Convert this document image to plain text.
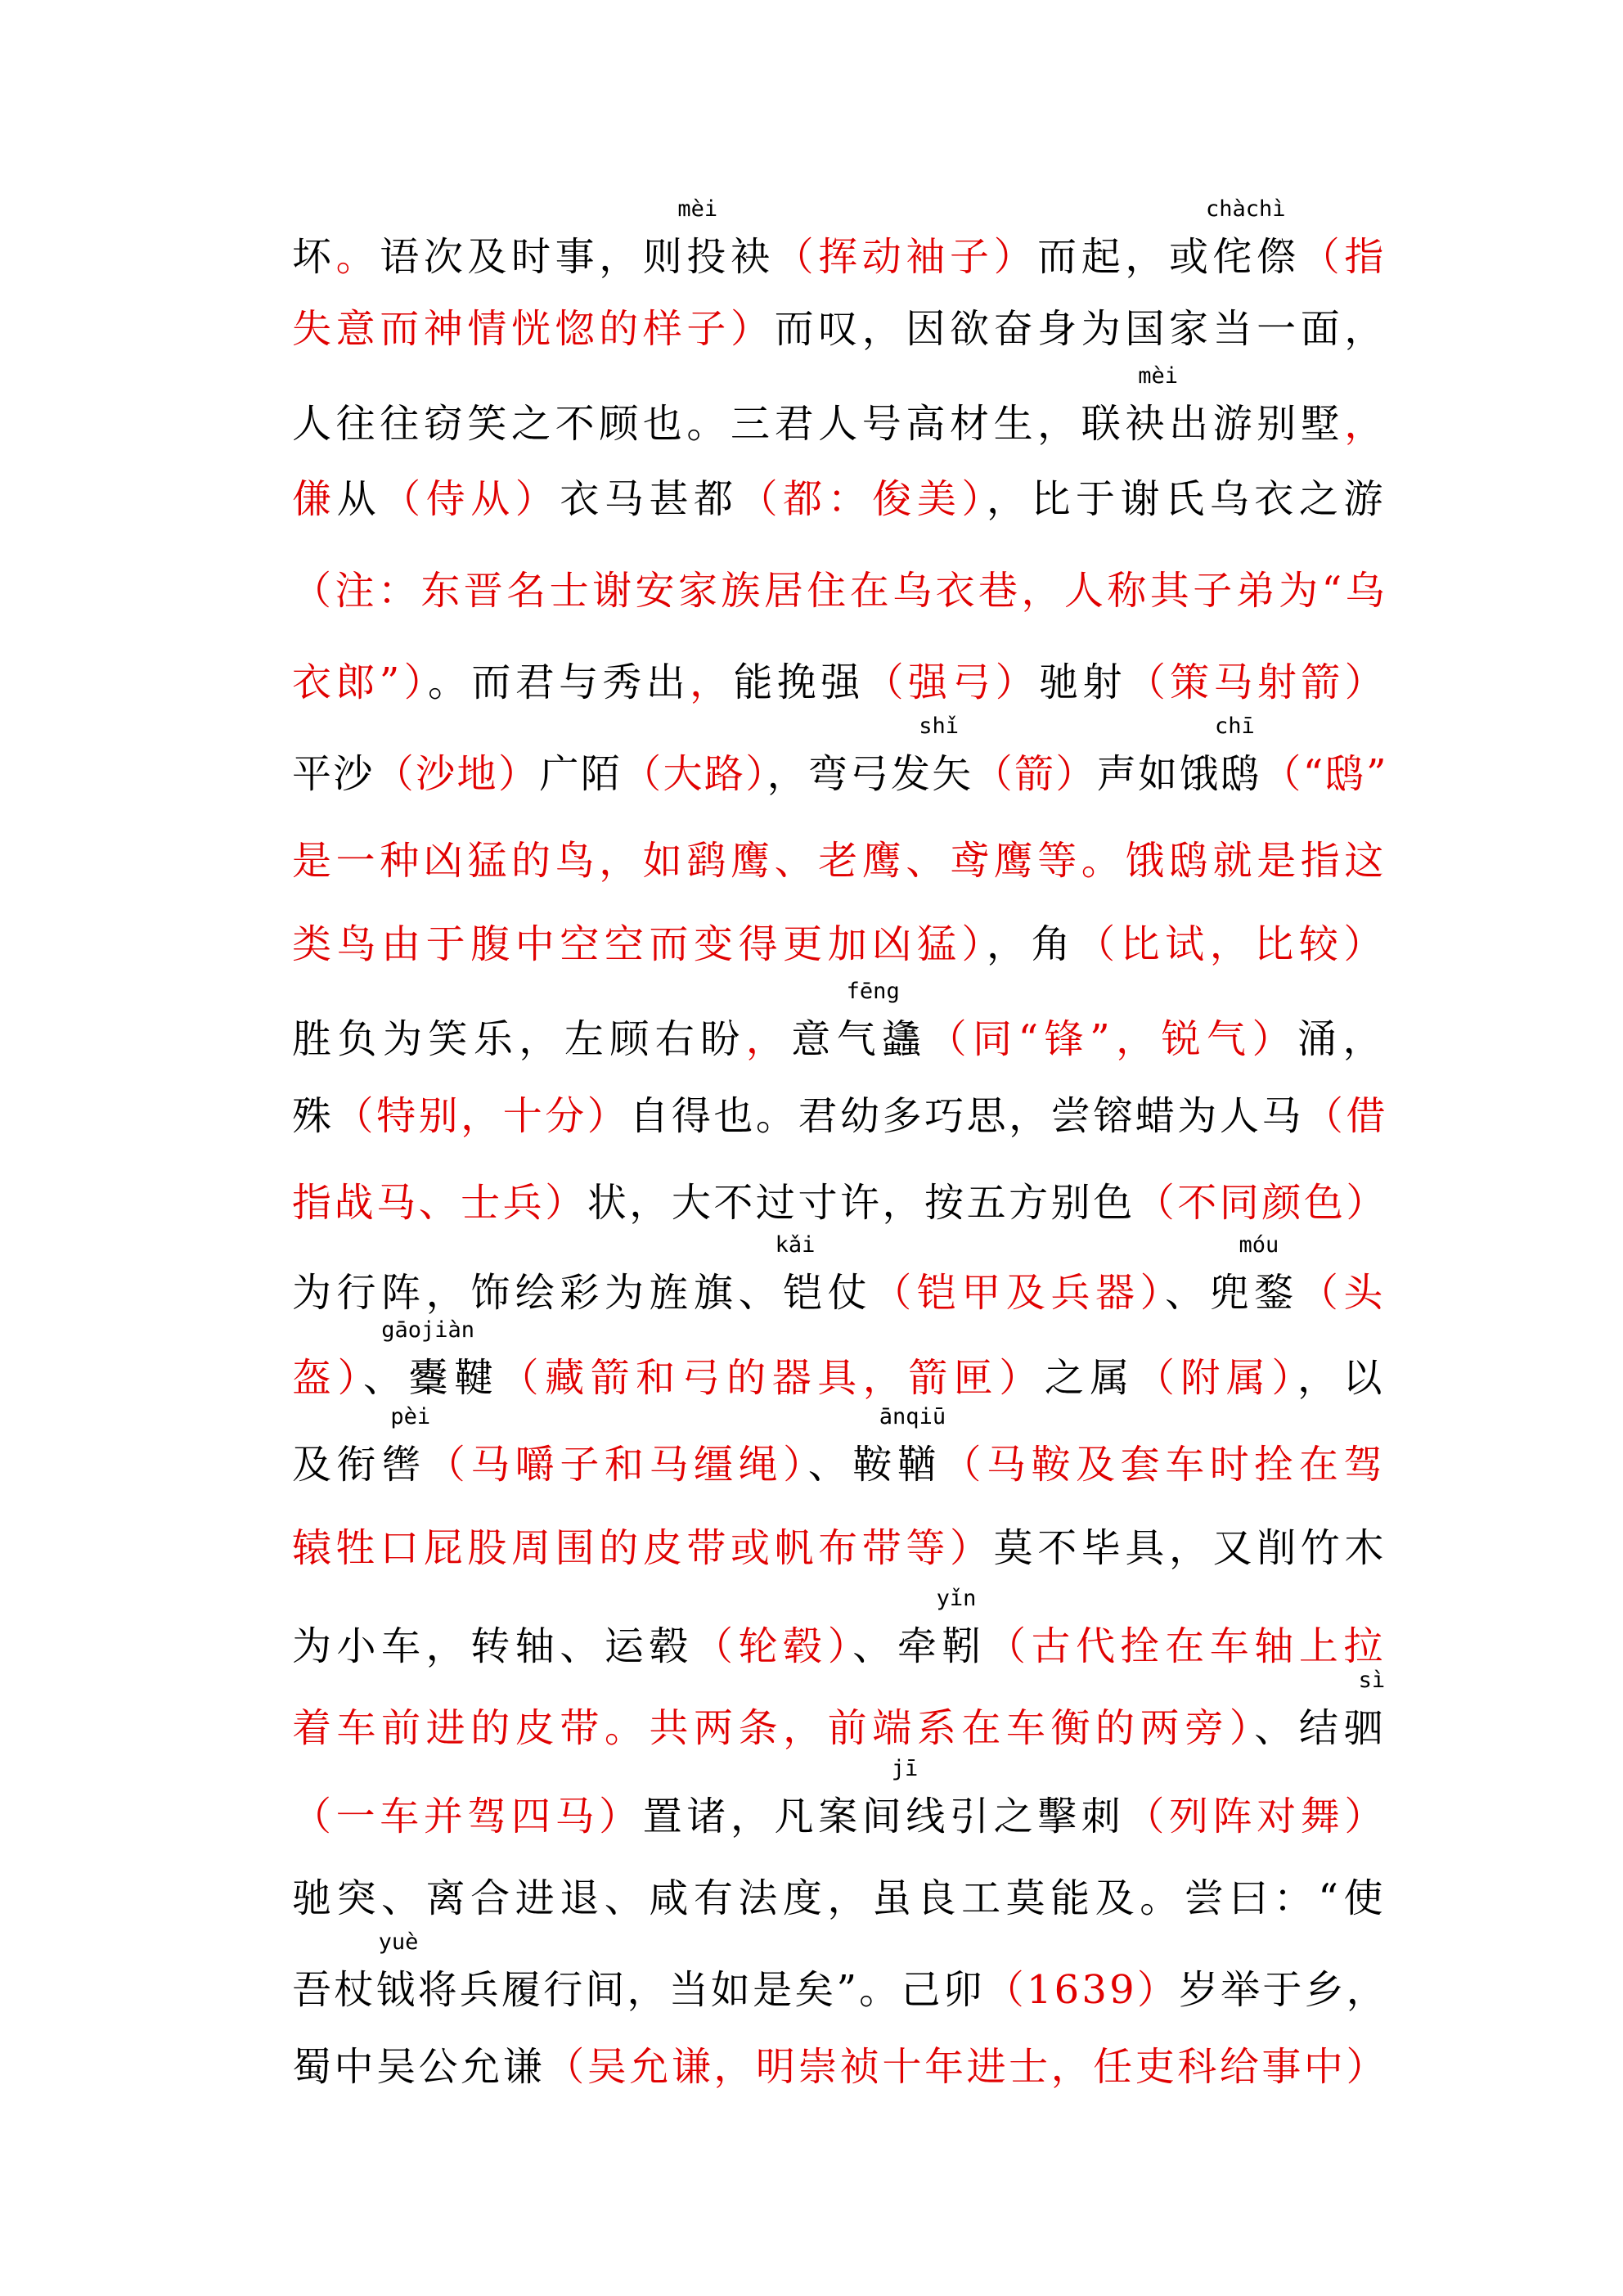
坏。语次及时事，则投袂（挥动袖子）而起，或侘傺（指
mèi	chàchì
失意而神情恍惚的样子）而叹，因欲奋身为国家当一面，
人往往窃笑之不顾也。三君人号高材生，联袂出游别墅，
mèi
傔从（侍从）衣马甚都（都：俊美），比于谢氏乌衣之游
（注：东晋名士谢安家族居住在乌衣巷，人称其子弟为“乌
衣郎”）。而君与秀出，能挽强（强弓）驰射（策马射箭）
平沙（沙地）广陌（大路），弯弓发矢（箭）声如饿鸱（“鸱”
shǐ	chī
是一种凶猛的鸟，如鹞鹰、老鹰、鸢鹰等。饿鸱就是指这
类鸟由于腹中空空而变得更加凶猛），角（比试，比较）
胜负为笑乐，左顾右盼，意气蠭（同“锋”，锐气）涌，
fēng
殊（特别，十分）自得也。君幼多巧思，尝镕蜡为人马（借
指战马、士兵）状，大不过寸许，按五方别色（不同颜色）
为行阵，饰绘彩为旌旗、铠仗（铠甲及兵器）、兜鍪（头
kǎi	móu
盔）、櫜鞬（藏箭和弓的器具，箭匣）之属（附属），以
gāojiàn
及衔辔（马嚼子和马缰绳）、鞍鞧（马鞍及套车时拴在驾
pèi	ānqiū
辕牲口屁股周围的皮带或帆布带等）莫不毕具，又削竹木
为小车，转轴、运毂（轮毂）、牵靷（古代拴在车轴上拉
yǐn
着车前进的皮带。共两条，前端系在车衡的两旁）、结驷
sì
（一车并驾四马）置诸，凡案间线引之擊刺（列阵对舞）
jī
驰突、离合进退、咸有法度，虽良工莫能及。尝曰：“使
吾杖钺将兵履行间，当如是矣”。己卯（1639）岁举于乡，
yuè
蜀中吴公允谦（吴允谦，明崇祯十年进士，任吏科给事中）
